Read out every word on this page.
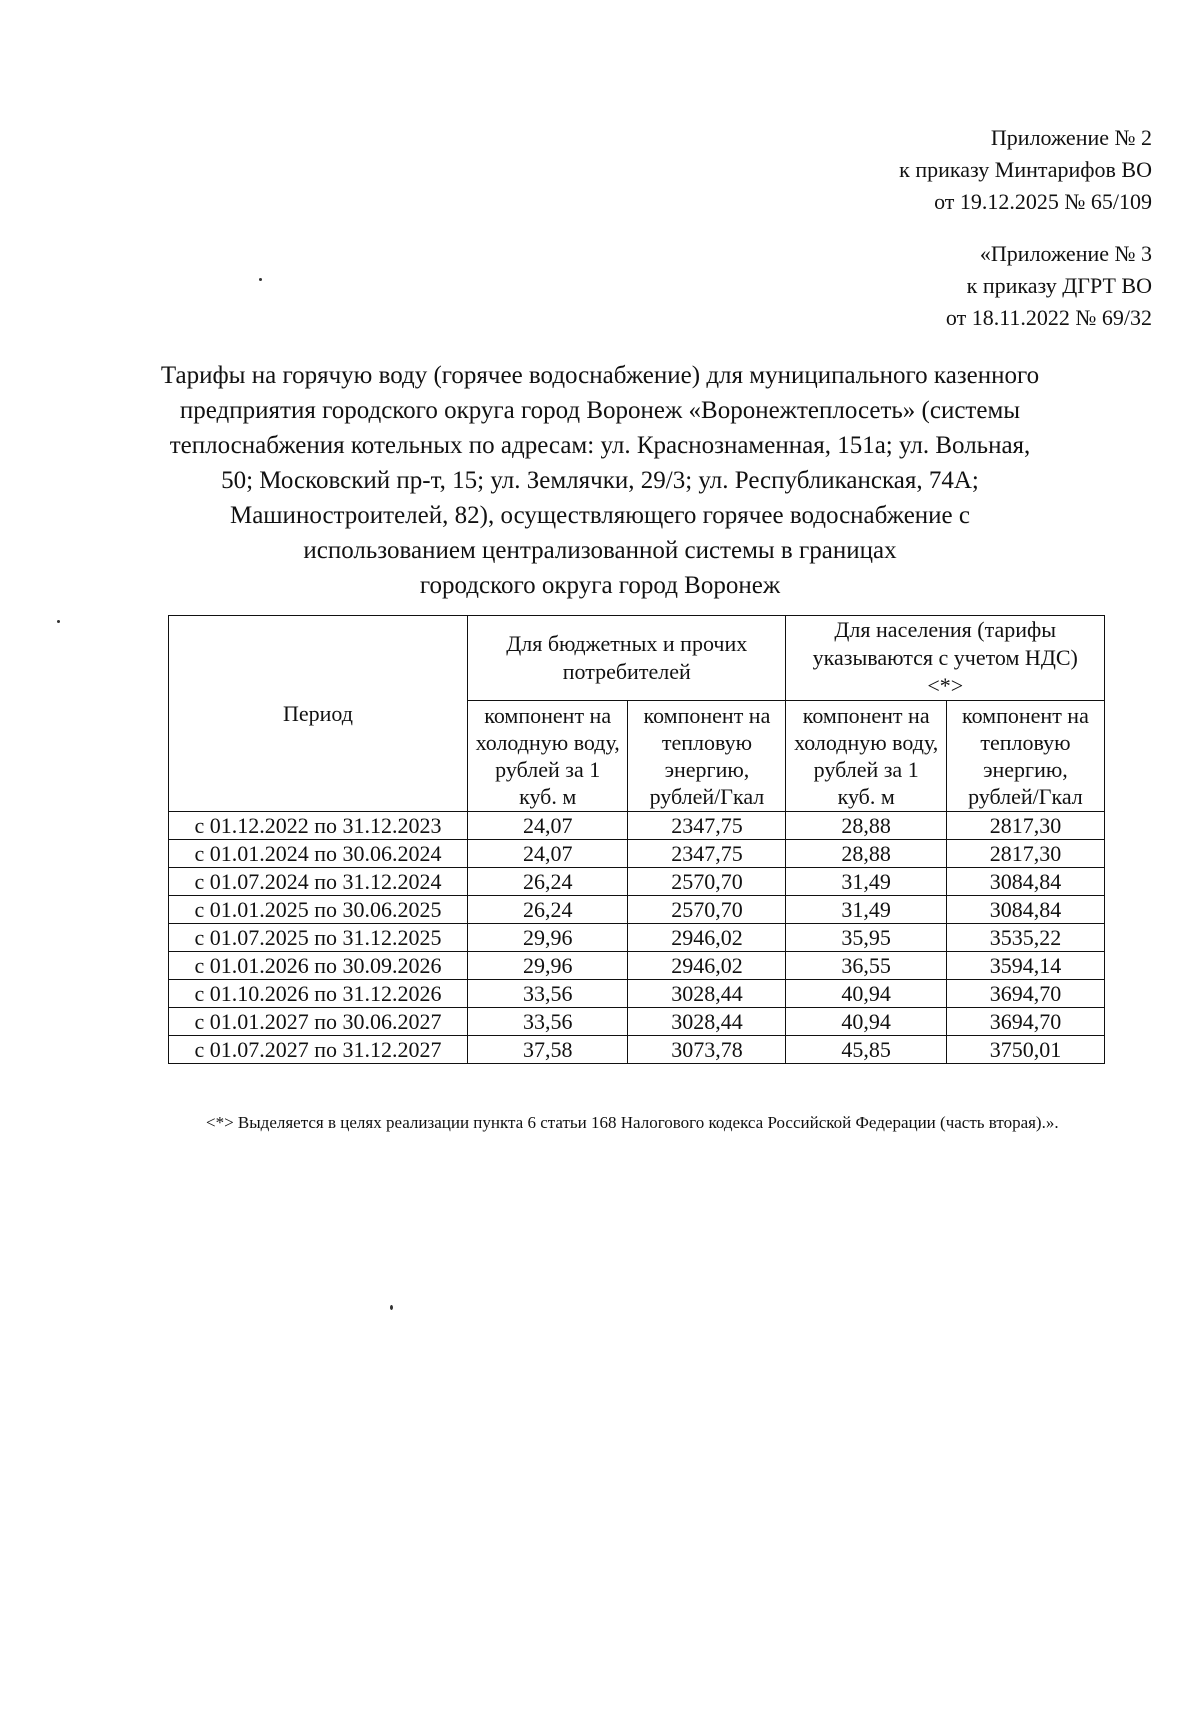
Приложение № 2
к приказу Минтарифов ВО
от 19.12.2025 № 65/109
«Приложение № 3
к приказу ДГРТ ВО
от 18.11.2022 № 69/32
Тарифы на горячую воду (горячее водоснабжение) для муниципального казенного
предприятия городского округа город Воронеж «Воронежтеплосеть» (системы
теплоснабжения котельных по адресам: ул. Краснознаменная, 151а; ул. Вольная,
50; Московский пр-т, 15; ул. Землячки, 29/3; ул. Республиканская, 74А;
Машиностроителей, 82), осуществляющего горячее водоснабжение с
использованием централизованной системы в границах
городского округа город Воронеж
Период	Для бюджетных и прочих потребителей		Для населения (тарифы указываются с учетом НДС) <*>	
	компонент на холодную воду, рублей за 1 куб. м	компонент на тепловую энергию, рублей/Гкал	компонент на холодную воду, рублей за 1 куб. м	компонент на тепловую энергию, рублей/Гкал
с 01.12.2022 по 31.12.2023	24,07	2347,75	28,88	2817,30
с 01.01.2024 по 30.06.2024	24,07	2347,75	28,88	2817,30
с 01.07.2024 по 31.12.2024	26,24	2570,70	31,49	3084,84
с 01.01.2025 по 30.06.2025	26,24	2570,70	31,49	3084,84
с 01.07.2025 по 31.12.2025	29,96	2946,02	35,95	3535,22
с 01.01.2026 по 30.09.2026	29,96	2946,02	36,55	3594,14
с 01.10.2026 по 31.12.2026	33,56	3028,44	40,94	3694,70
с 01.01.2027 по 30.06.2027	33,56	3028,44	40,94	3694,70
с 01.07.2027 по 31.12.2027	37,58	3073,78	45,85	3750,01
<*> Выделяется в целях реализации пункта 6 статьи 168 Налогового кодекса Российской Федерации (часть вторая).».
